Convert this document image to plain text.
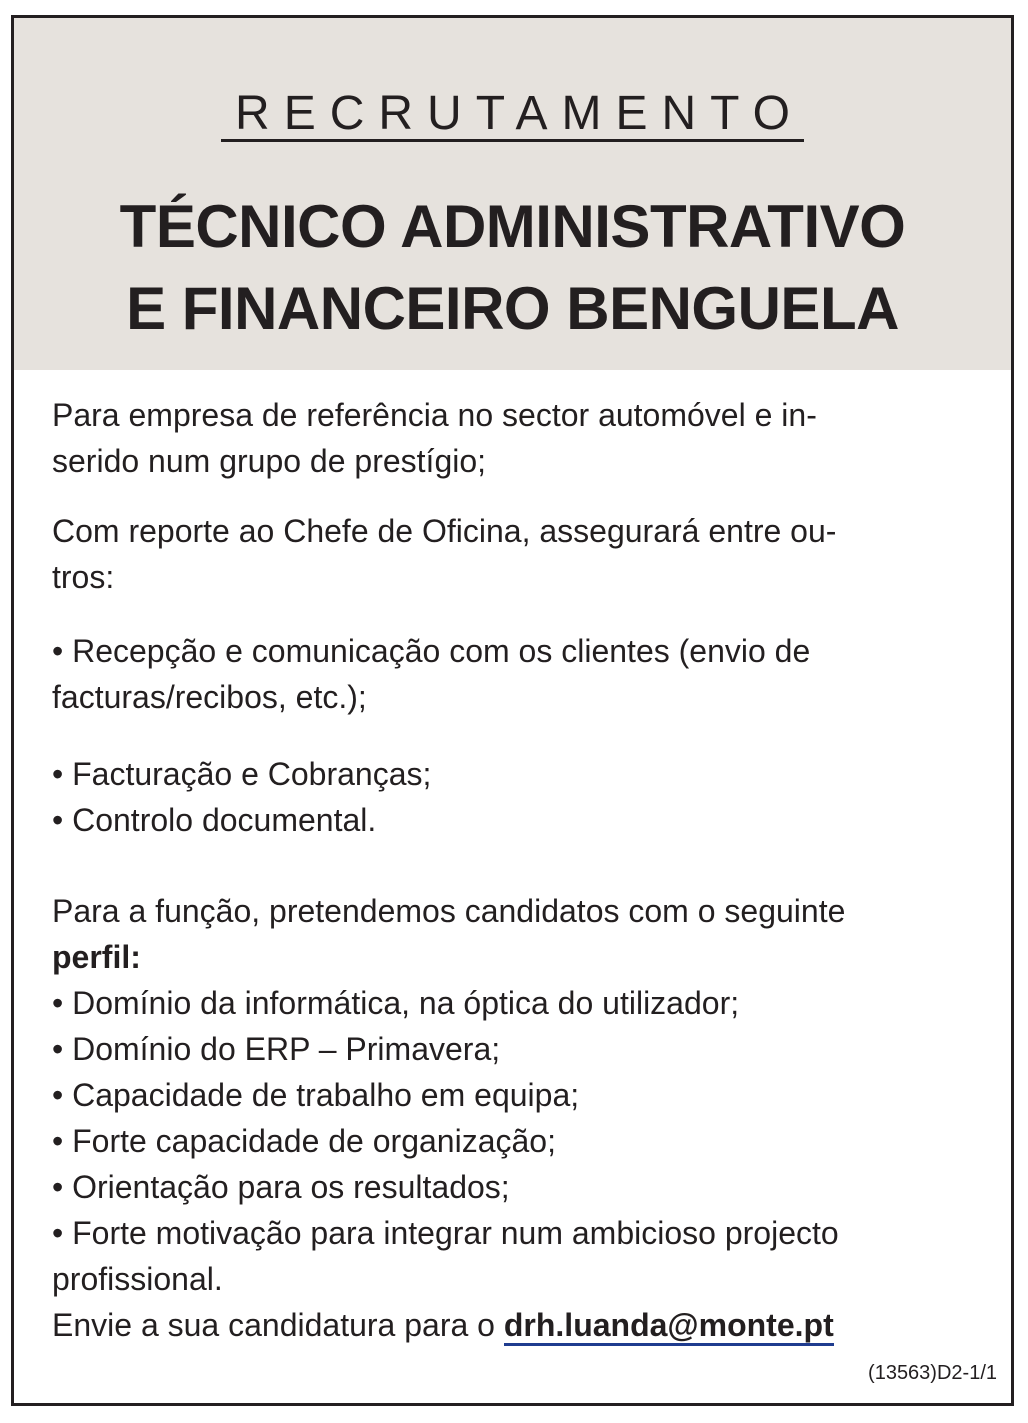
RECRUTAMENTO
TÉCNICO ADMINISTRATIVO
E FINANCEIRO BENGUELA

Para empresa de referência no sector automóvel e in-
serido num grupo de prestígio;

Com reporte ao Chefe de Oficina, assegurará entre ou-
tros:

• Recepção e comunicação com os clientes (envio de
facturas/recibos, etc.);

• Facturação e Cobranças;
• Controlo documental.

Para a função, pretendemos candidatos com o seguinte
perfil:
• Domínio da informática, na óptica do utilizador;
• Domínio do ERP – Primavera;
• Capacidade de trabalho em equipa;
• Forte capacidade de organização;
• Orientação para os resultados;
• Forte motivação para integrar num ambicioso projecto
profissional.
Envie a sua candidatura para o drh.luanda@monte.pt
(13563)D2-1/1
